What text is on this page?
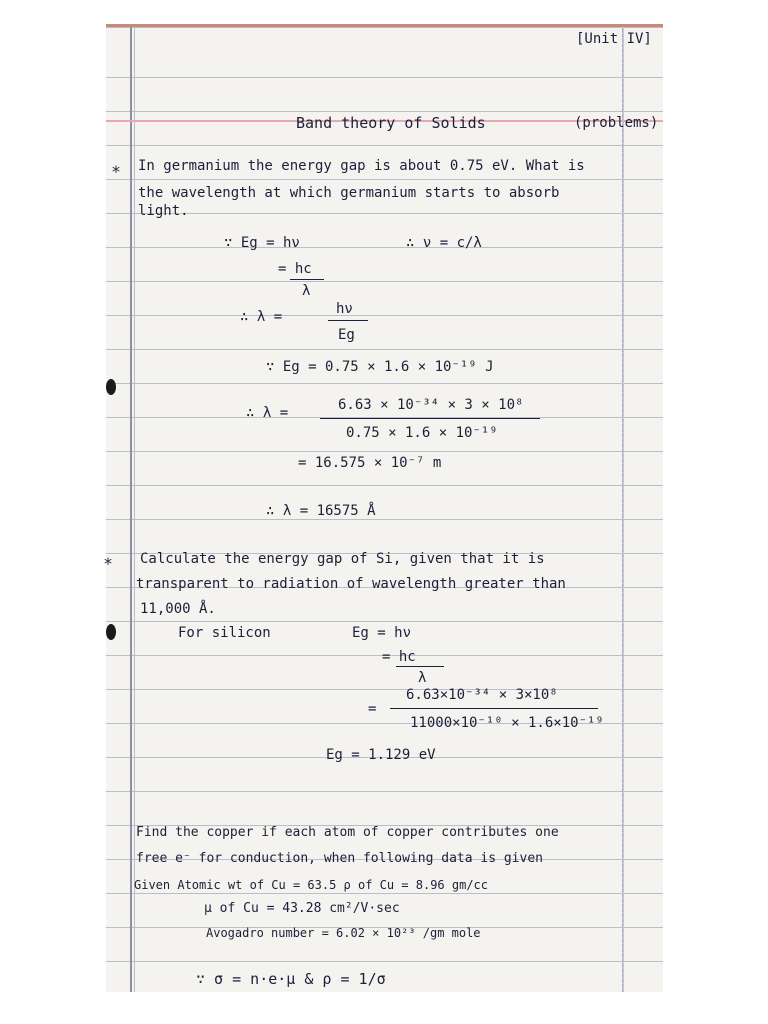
[Unit IV]
Band theory of Solids	(problems)
* In germanium the energy gap is about 0.75 eV. What is
the wavelength at which germanium starts to absorb
light.
∵ Eg = hν	∴ ν = c/λ
= hc
λ
∴ λ =	hν
Eg
∵ Eg = 0.75 × 1.6 × 10⁻¹⁹ J
∴ λ =	6.63 × 10⁻³⁴ × 3 × 10⁸
0.75 × 1.6 × 10⁻¹⁹
= 16.575 × 10⁻⁷ m
∴ λ = 16575 Å
* Calculate the energy gap of Si, given that it is
transparent to radiation of wavelength greater than
11,000 Å.
For silicon	Eg = hν
= hc
λ
=
6.63×10⁻³⁴ × 3×10⁸
11000×10⁻¹⁰ × 1.6×10⁻¹⁹
Eg = 1.129 eV
Find the copper if each atom of copper contributes one
free e⁻ for conduction, when following data is given
Given Atomic wt of Cu = 63.5 ρ of Cu = 8.96 gm/cc
μ of Cu = 43.28 cm²/V·sec
Avogadro number = 6.02 × 10²³ /gm mole
∵ σ = n·e·μ & ρ = 1/σ
